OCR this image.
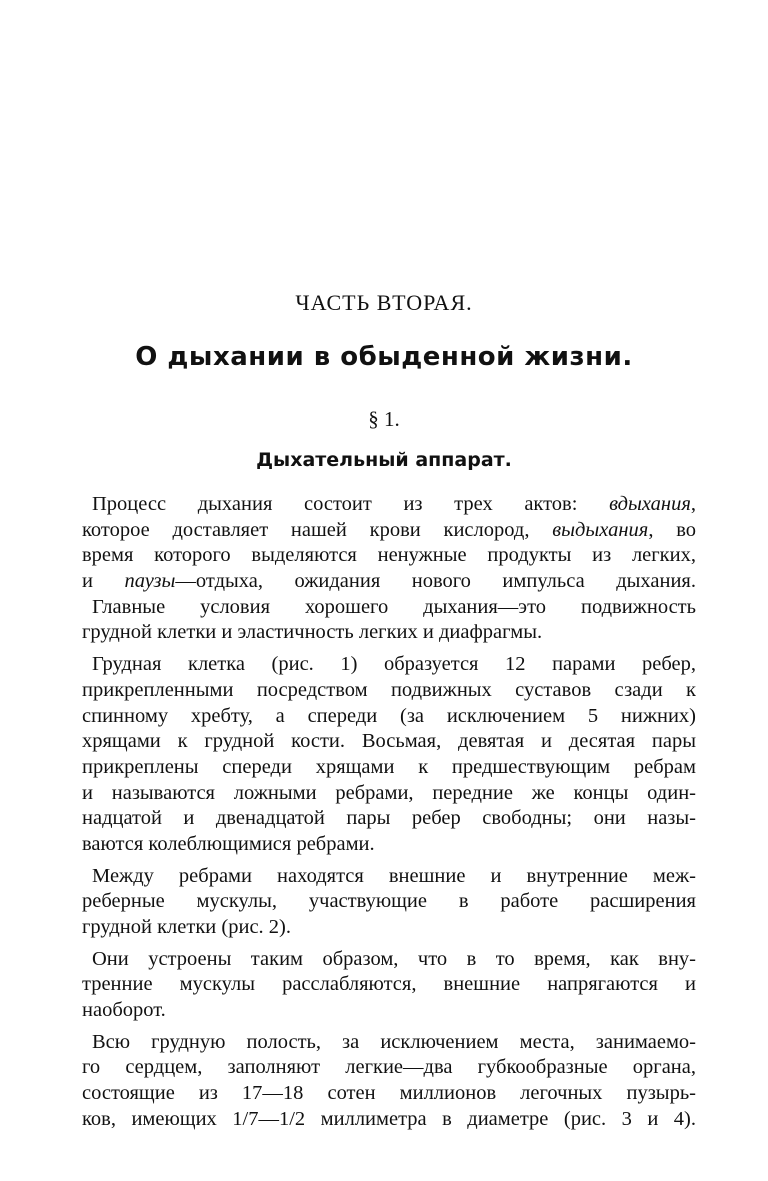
ЧАСТЬ ВТОРАЯ.
О дыхании в обыденной жизни.
§ 1.
Дыхательный аппарат.
Процесс дыхания состоит из трех актов: вдыхания,
которое доставляет нашей крови кислород, выдыхания, во
время которого выделяются ненужные продукты из легких,
и паузы—отдыха, ожидания нового импульса дыхания.
Главные условия хорошего дыхания—это подвижность
грудной клетки и эластичность легких и диафрагмы.
Грудная клетка (рис. 1) образуется 12 парами ребер,
прикрепленными посредством подвижных суставов сзади к
спинному хребту, а спереди (за исключением 5 нижних)
хрящами к грудной кости. Восьмая, девятая и десятая пары
прикреплены спереди хрящами к предшествующим ребрам
и называются ложными ребрами, передние же концы один-
надцатой и двенадцатой пары ребер свободны; они назы-
ваются колеблющимися ребрами.
Между ребрами находятся внешние и внутренние меж-
реберные мускулы, участвующие в работе расширения
грудной клетки (рис. 2).
Они устроены таким образом, что в то время, как вну-
тренние мускулы расслабляются, внешние напрягаются и
наоборот.
Всю грудную полость, за исключением места, занимаемо-
го сердцем, заполняют легкие—два губкообразные органа,
состоящие из 17—18 сотен миллионов легочных пузырь-
ков, имеющих 1/7—1/2 миллиметра в диаметре (рис. 3 и 4).
